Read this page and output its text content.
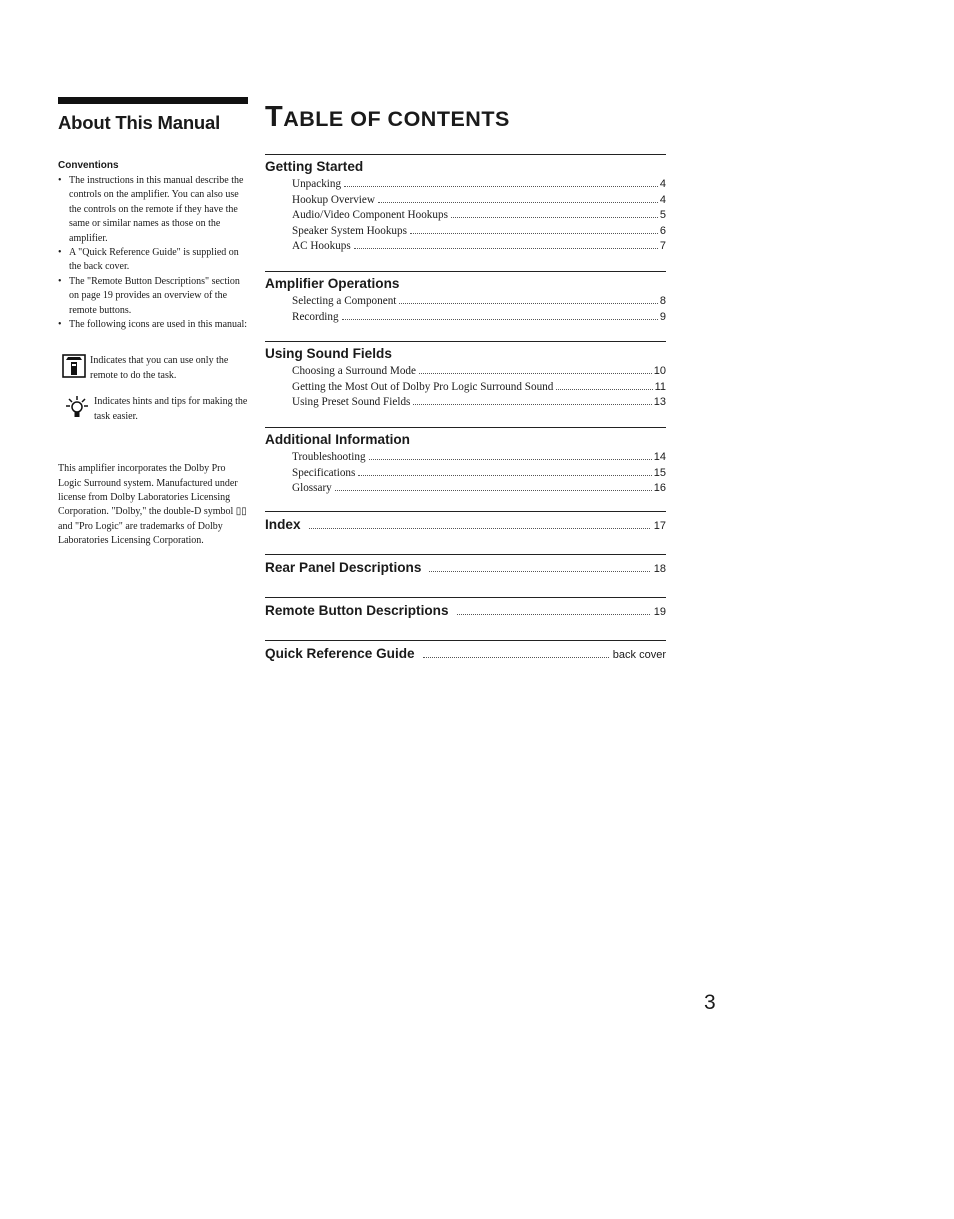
About This Manual
Conventions
• The instructions in this manual describe the controls on the amplifier. You can also use the controls on the remote if they have the same or similar names as those on the amplifier.
• A "Quick Reference Guide" is supplied on the back cover.
• The "Remote Button Descriptions" section on page 19 provides an overview of the remote buttons.
• The following icons are used in this manual:
Indicates that you can use only the remote to do the task.
Indicates hints and tips for making the task easier.
This amplifier incorporates the Dolby Pro Logic Surround system. Manufactured under license from Dolby Laboratories Licensing Corporation. "Dolby," the double-D symbol ▯▯ and "Pro Logic" are trademarks of Dolby Laboratories Licensing Corporation.
TABLE OF CONTENTS
Getting Started
Unpacking	4
Hookup Overview	4
Audio/Video Component Hookups	5
Speaker System Hookups	6
AC Hookups	7
Amplifier Operations
Selecting a Component	8
Recording	9
Using Sound Fields
Choosing a Surround Mode	10
Getting the Most Out of Dolby Pro Logic Surround Sound	11
Using Preset Sound Fields	13
Additional Information
Troubleshooting	14
Specifications	15
Glossary	16
Index	17
Rear Panel Descriptions	18
Remote Button Descriptions	19
Quick Reference Guide	back cover
3
